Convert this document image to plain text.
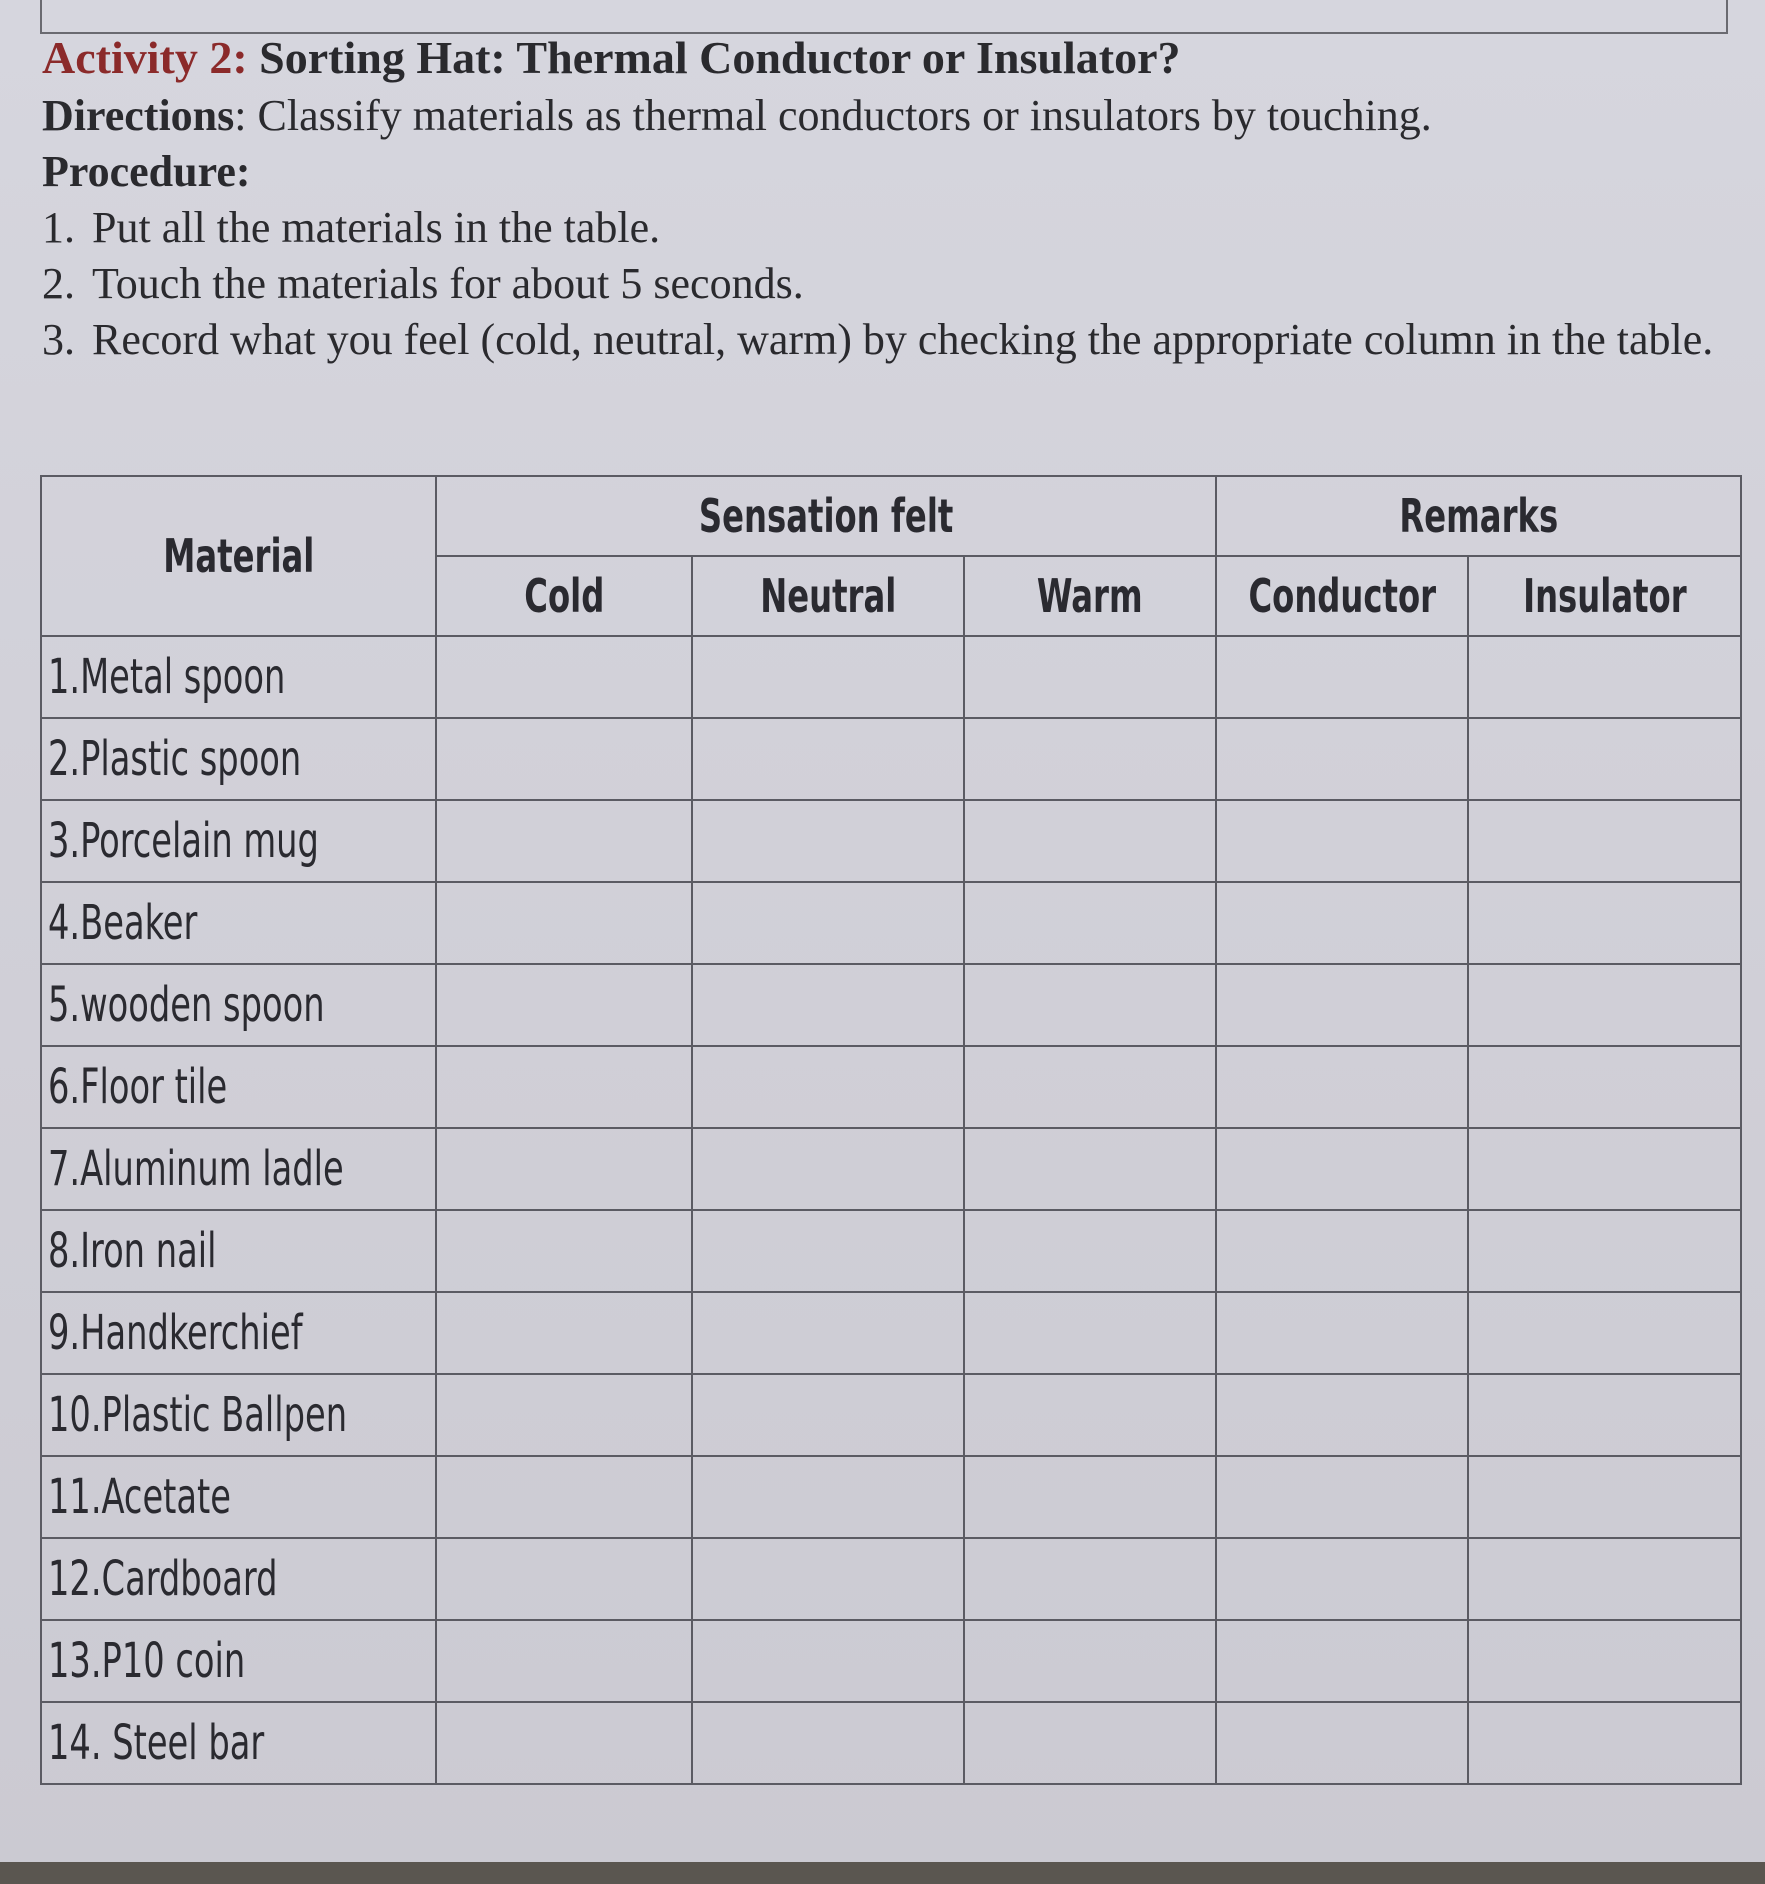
Activity 2: Sorting Hat: Thermal Conductor or Insulator?

Directions: Classify materials as thermal conductors or insulators by touching.

Procedure:

1. Put all the materials in the table.
2. Touch the materials for about 5 seconds.
3. Record what you feel (cold, neutral, warm) by checking the appropriate column in the table.
Material	Sensation felt			Remarks	
	Cold	Neutral	Warm	Conductor	Insulator
1.Metal spoon					
2.Plastic spoon					
3.Porcelain mug					
4.Beaker					
5.wooden spoon					
6.Floor tile					
7.Aluminum ladle					
8.Iron nail					
9.Handkerchief					
10.Plastic Ballpen					
11.Acetate					
12.Cardboard					
13.P10 coin					
14. Steel bar					
